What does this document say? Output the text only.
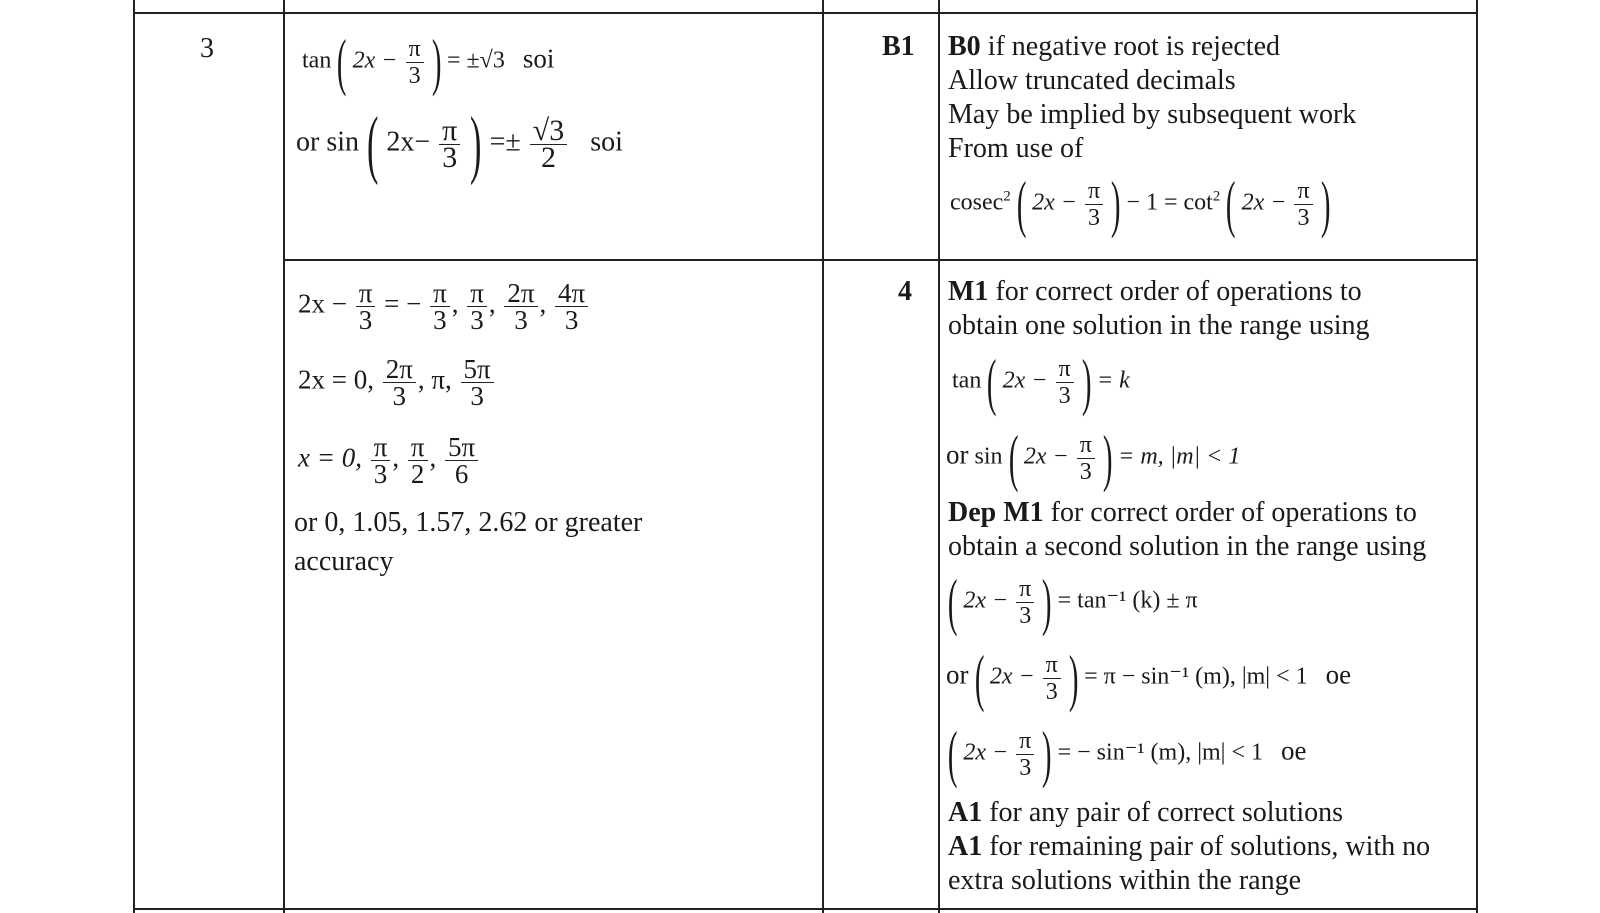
3	tan ( $2x - \frac{\pi}{3}$ ) = ±√3 soi
or sin ( $2x- \frac{\pi}{3}$ ) =± $\frac{√3}{2}$ soi
B1 B0 if negative root is rejected
Allow truncated decimals
May be implied by subsequent work
From use of
cosec$^2$ ( $2x - \frac{\pi}{3}$ ) − $1 = \cot^2$ ( $2x - \frac{\pi}{3}$ )
$2x - \frac{\pi}{3}$ = − $\frac{\pi}{3}$ , $\frac{\pi}{3}$ , $\frac{2\pi}{3}$ , $\frac{4\pi}{3}$
2x = 0, $\frac{2\pi}{3}$ , π, $\frac{5\pi}{3}$
x = 0, $\frac{\pi}{3}$ , $\frac{\pi}{2}$ , $\frac{5\pi}{6}$
or 0, 1.05, 1.57, 2.62 or greater
accuracy
4 M1 for correct order of operations to
obtain one solution in the range using
tan ( $2x - \frac{\pi}{3}$ ) = k
or sin ( $2x - \frac{\pi}{3}$ ) = m, |m| < 1
Dep M1 for correct order of operations to
obtain a second solution in the range using
( $2x - \frac{\pi}{3}$ ) = tan⁻¹ (k) ± π
or ( $2x - \frac{\pi}{3}$ ) = π − sin⁻¹ (m), |m| < 1 oe
( $2x - \frac{\pi}{3}$ ) = − sin⁻¹ (m), |m| < 1 oe
A1 for any pair of correct solutions
A1 for remaining pair of solutions, with no
extra solutions within the range
